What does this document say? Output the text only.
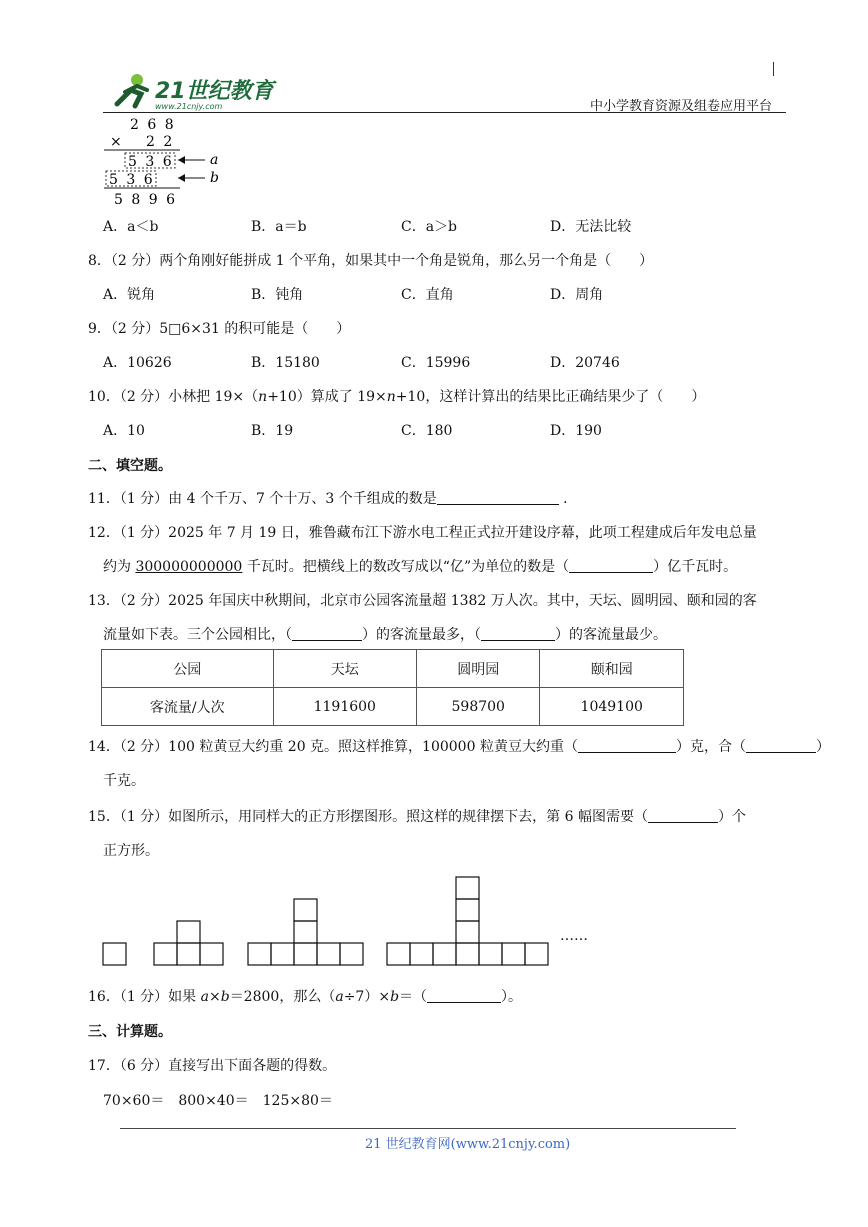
21世纪教育
www.21cnjy.com	中小学教育资源及组卷应用平台
2 6 8
× 2 2
5 3 6	a
5 3 6	b
5 8 9 6
A．a＜b	B．a＝b	C．a＞b	D．无法比较
8．（2 分）两个角刚好能拼成 1 个平角，如果其中一个角是锐角，那么另一个角是（　　）
A．锐角	B．钝角	C．直角	D．周角
9．（2 分）5□6×31 的积可能是（　　）
A．10626	B．15180	C．15996	D．20746
10．（2 分）小林把 19×（n+10）算成了 19×n+10，这样计算出的结果比正确结果少了（　　）
A．10	B．19	C．180	D．190
二、填空题。
11．（1 分）由 4 个千万、7 个十万、3 个千组成的数是	．
12．（1 分）2025 年 7 月 19 日，雅鲁藏布江下游水电工程正式拉开建设序幕，此项工程建成后年发电总量
约为 300000000000 千瓦时。把横线上的数改写成以“亿”为单位的数是（	）亿千瓦时。
13．（2 分）2025 年国庆中秋期间，北京市公园客流量超 1382 万人次。其中，天坛、圆明园、颐和园的客
流量如下表。三个公园相比，（	）的客流量最多，（	）的客流量最少。
公园	天坛	圆明园	颐和园
客流量/人次	1191600	598700	1049100
14．（2 分）100 粒黄豆大约重 20 克。照这样推算，100000 粒黄豆大约重（	）克，合（	）
千克。
15．（1 分）如图所示，用同样大的正方形摆图形。照这样的规律摆下去，第 6 幅图需要（	）个
正方形。
……
16．（1 分）如果 a×b＝2800，那么（a÷7）×b＝（	）。
三、计算题。
17．（6 分）直接写出下面各题的得数。
70×60＝　800×40＝　125×80＝
21 世纪教育网(www.21cnjy.com)
